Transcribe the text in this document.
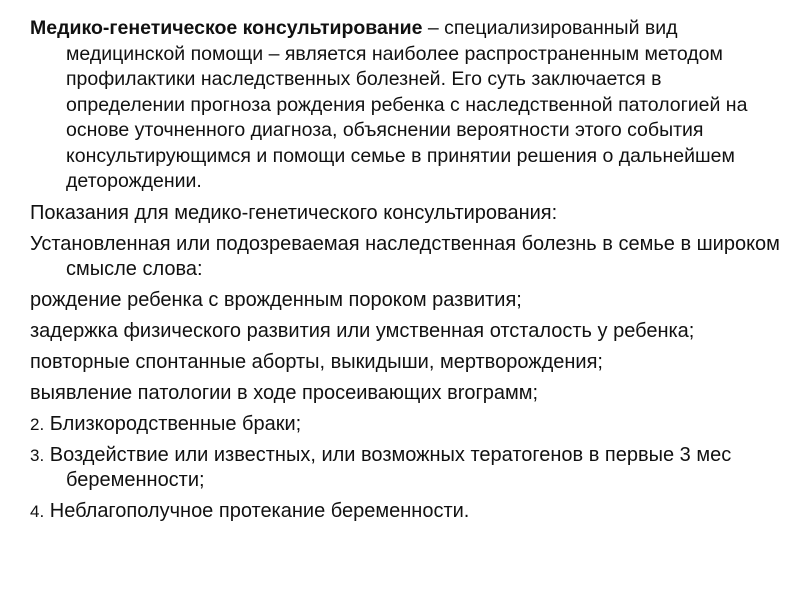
Медико-генетическое консультирование – специализированный вид медицинской помощи – является наиболее распространенным методом профилактики наследственных болезней. Его суть заключается в определении прогноза рождения ребенка с наследственной патологией на основе уточненного диагноза, объяснении вероятности этого события консультирующимся и помощи семье в принятии решения о дальнейшем деторождении.

Показания для медико-генетического консультирования:

Установленная или подозреваемая наследственная болезнь в семье в широком смысле слова:

рождение ребенка с врожденным пороком развития;

задержка физического развития или умственная отсталость у ребенка;

повторные спонтанные аборты, выкидыши, мертворождения;

выявление патологии в ходе просеивающих вrограмм;

2. Близкородственные браки;

3. Воздействие или известных, или возможных тератогенов в первые 3 мес беременности;

4. Неблагополучное протекание беременности.
